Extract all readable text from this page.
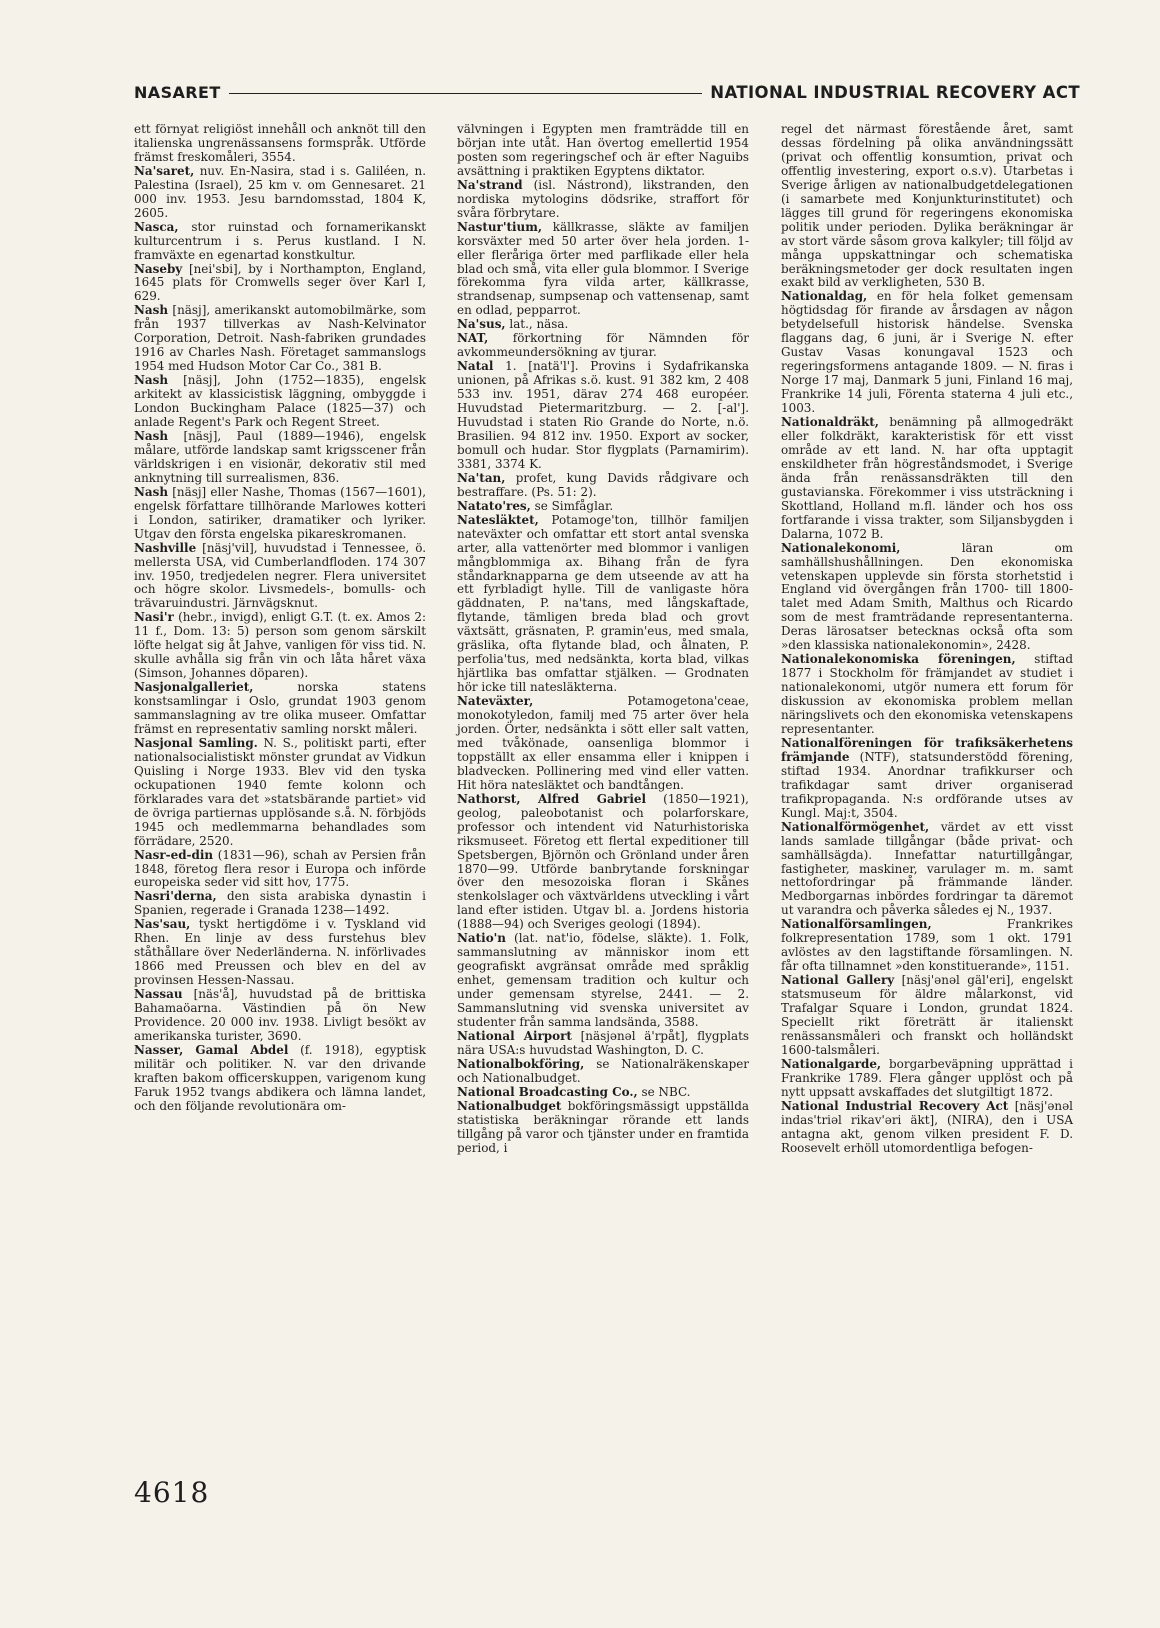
NASARET	NATIONAL INDUSTRIAL RECOVERY ACT

ett förnyat religiöst innehåll och anknöt till den italienska ungrenässansens formspråk. Utförde främst freskomåleri, 3554.

Na'saret, nuv. En-Nasira, stad i s. Galiléen, n. Palestina (Israel), 25 km v. om Gennesaret. 21 000 inv. 1953. Jesu barndomsstad, 1804 K, 2605.

Nasca, stor ruinstad och fornamerikanskt kulturcentrum i s. Perus kustland. I N. framväxte en egenartad konstkultur.

Naseby [nei'sbi], by i Northampton, England, 1645 plats för Cromwells seger över Karl I, 629.

Nash [näsj], amerikanskt automobilmärke, som från 1937 tillverkas av Nash-Kelvinator Corporation, Detroit. Nash-fabriken grundades 1916 av Charles Nash. Företaget sammanslogs 1954 med Hudson Motor Car Co., 381 B.

Nash [näsj], John (1752—1835), engelsk arkitekt av klassicistisk läggning, ombyggde i London Buckingham Palace (1825—37) och anlade Regent's Park och Regent Street.

Nash [näsj], Paul (1889—1946), engelsk målare, utförde landskap samt krigsscener från världskrigen i en visionär, dekorativ stil med anknytning till surrealismen, 836.

Nash [näsj] eller Nashe, Thomas (1567—1601), engelsk författare tillhörande Marlowes kotteri i London, satiriker, dramatiker och lyriker. Utgav den första engelska pikareskromanen.

Nashville [näsj'vil], huvudstad i Tennessee, ö. mellersta USA, vid Cumberlandfloden. 174 307 inv. 1950, tredjedelen negrer. Flera universitet och högre skolor. Livsmedels-, bomulls- och trävaruindustri. Järnvägsknut.

Nasi'r (hebr., invigd), enligt G.T. (t. ex. Amos 2: 11 f., Dom. 13: 5) person som genom särskilt löfte helgat sig åt Jahve, vanligen för viss tid. N. skulle avhålla sig från vin och låta håret växa (Simson, Johannes döparen).

Nasjonalgalleriet, norska statens konstsamlingar i Oslo, grundat 1903 genom sammanslagning av tre olika museer. Omfattar främst en representativ samling norskt måleri.

Nasjonal Samling. N. S., politiskt parti, efter nationalsocialistiskt mönster grundat av Vidkun Quisling i Norge 1933. Blev vid den tyska ockupationen 1940 femte kolonn och förklarades vara det »statsbärande partiet» vid de övriga partiernas upplösande s.å. N. förbjöds 1945 och medlemmarna behandlades som förrädare, 2520.

Nasr-ed-din (1831—96), schah av Persien från 1848, företog flera resor i Europa och införde europeiska seder vid sitt hov, 1775.

Nasri'derna, den sista arabiska dynastin i Spanien, regerade i Granada 1238—1492.

Nas'sau, tyskt hertigdöme i v. Tyskland vid Rhen. En linje av dess furstehus blev ståthållare över Nederländerna. N. införlivades 1866 med Preussen och blev en del av provinsen Hessen-Nassau.

Nassau [näs'å], huvudstad på de brittiska Bahamaöarna. Västindien på ön New Providence. 20 000 inv. 1938. Livligt besökt av amerikanska turister, 3690.

Nasser, Gamal Abdel (f. 1918), egyptisk militär och politiker. N. var den drivande kraften bakom officerskuppen, varigenom kung Faruk 1952 tvangs abdikera och lämna landet, och den följande revolutionära om-

välvningen i Egypten men framträdde till en början inte utåt. Han övertog emellertid 1954 posten som regeringschef och är efter Naguibs avsättning i praktiken Egyptens diktator.

Na'strand (isl. Nástrond), likstranden, den nordiska mytologins dödsrike, straffort för svåra förbrytare.

Nastur'tium, källkrasse, släkte av familjen korsväxter med 50 arter över hela jorden. 1- eller fleråriga örter med parflikade eller hela blad och små, vita eller gula blommor. I Sverige förekomma fyra vilda arter, källkrasse, strandsenap, sumpsenap och vattensenap, samt en odlad, pepparrot.

Na'sus, lat., näsa.

NAT, förkortning för Nämnden för avkommeundersökning av tjurar.

Natal 1. [natä'l']. Provins i Sydafrikanska unionen, på Afrikas s.ö. kust. 91 382 km, 2 408 533 inv. 1951, därav 274 468 européer. Huvudstad Pietermaritzburg. — 2. [-al']. Huvudstad i staten Rio Grande do Norte, n.ö. Brasilien. 94 812 inv. 1950. Export av socker, bomull och hudar. Stor flygplats (Parnamirim). 3381, 3374 K.

Na'tan, profet, kung Davids rådgivare och bestraffare. (Ps. 51: 2).

Natato'res, se Simfåglar.

Natesläktet, Potamoge'ton, tillhör familjen nateväxter och omfattar ett stort antal svenska arter, alla vattenörter med blommor i vanligen mångblommiga ax. Bihang från de fyra ståndarknapparna ge dem utseende av att ha ett fyrbladigt hylle. Till de vanligaste höra gäddnaten, P. na'tans, med långskaftade, flytande, tämligen breda blad och grovt växtsätt, gräsnaten, P. gramin'eus, med smala, gräslika, ofta flytande blad, och ålnaten, P. perfolia'tus, med nedsänkta, korta blad, vilkas hjärtlika bas omfattar stjälken. — Grodnaten hör icke till natesläkterna.

Nateväxter, Potamogetona'ceae, monokotyledon, familj med 75 arter över hela jorden. Örter, nedsänkta i sött eller salt vatten, med tvåkönade, oansenliga blommor i toppställt ax eller ensamma eller i knippen i bladvecken. Pollinering med vind eller vatten. Hit höra natesläktet och bandtången.

Nathorst, Alfred Gabriel (1850—1921), geolog, paleobotanist och polarforskare, professor och intendent vid Naturhistoriska riksmuseet. Företog ett flertal expeditioner till Spetsbergen, Björnön och Grönland under åren 1870—99. Utförde banbrytande forskningar över den mesozoiska floran i Skånes stenkolslager och växtvärldens utveckling i vårt land efter istiden. Utgav bl. a. Jordens historia (1888—94) och Sveriges geologi (1894).

Natio'n (lat. nat'io, födelse, släkte). 1. Folk, sammanslutning av människor inom ett geografiskt avgränsat område med språklig enhet, gemensam tradition och kultur och under gemensam styrelse, 2441. — 2. Sammanslutning vid svenska universitet av studenter från samma landsända, 3588.

National Airport [näsjənəl ä'rpåt], flygplats nära USA:s huvudstad Washington, D. C.

Nationalbokföring, se Nationalräkenskaper och Nationalbudget.

National Broadcasting Co., se NBC.

Nationalbudget bokföringsmässigt uppställda statistiska beräkningar rörande ett lands tillgång på varor och tjänster under en framtida period, i

regel det närmast förestående året, samt dessas fördelning på olika användningssätt (privat och offentlig konsumtion, privat och offentlig investering, export o.s.v). Utarbetas i Sverige årligen av nationalbudgetdelegationen (i samarbete med Konjunkturinstitutet) och lägges till grund för regeringens ekonomiska politik under perioden. Dylika beräkningar är av stort värde såsom grova kalkyler; till följd av många uppskattningar och schematiska beräkningsmetoder ger dock resultaten ingen exakt bild av verkligheten, 530 B.

Nationaldag, en för hela folket gemensam högtidsdag för firande av årsdagen av någon betydelsefull historisk händelse. Svenska flaggans dag, 6 juni, är i Sverige N. efter Gustav Vasas konungaval 1523 och regeringsformens antagande 1809. — N. firas i Norge 17 maj, Danmark 5 juni, Finland 16 maj, Frankrike 14 juli, Förenta staterna 4 juli etc., 1003.

Nationaldräkt, benämning på allmogedräkt eller folkdräkt, karakteristisk för ett visst område av ett land. N. har ofta upptagit enskildheter från högreståndsmodet, i Sverige ända från renässansdräkten till den gustavianska. Förekommer i viss utsträckning i Skottland, Holland m.fl. länder och hos oss fortfarande i vissa trakter, som Siljansbygden i Dalarna, 1072 B.

Nationalekonomi, läran om samhällshushållningen. Den ekonomiska vetenskapen upplevde sin första storhetstid i England vid övergången från 1700- till 1800-talet med Adam Smith, Malthus och Ricardo som de mest framträdande representanterna. Deras lärosatser betecknas också ofta som »den klassiska nationalekonomin», 2428.

Nationalekonomiska föreningen, stiftad 1877 i Stockholm för främjandet av studiet i nationalekonomi, utgör numera ett forum för diskussion av ekonomiska problem mellan näringslivets och den ekonomiska vetenskapens representanter.

Nationalföreningen för trafiksäkerhetens främjande (NTF), statsunderstödd förening, stiftad 1934. Anordnar trafikkurser och trafikdagar samt driver organiserad trafikpropaganda. N:s ordförande utses av Kungl. Maj:t, 3504.

Nationalförmögenhet, värdet av ett visst lands samlade tillgångar (både privat- och samhällsägda). Innefattar naturtillgångar, fastigheter, maskiner, varulager m. m. samt nettofordringar på främmande länder. Medborgarnas inbördes fordringar ta däremot ut varandra och påverka således ej N., 1937.

Nationalförsamlingen, Frankrikes folkrepresentation 1789, som 1 okt. 1791 avlöstes av den lagstiftande församlingen. N. får ofta tillnamnet »den konstituerande», 1151.

National Gallery [näsj'ənəl gäl'eri], engelskt statsmuseum för äldre målarkonst, vid Trafalgar Square i London, grundat 1824. Speciellt rikt företrätt är italienskt renässansmåleri och franskt och holländskt 1600-talsmåleri.

Nationalgarde, borgarbeväpning upprättad i Frankrike 1789. Flera gånger upplöst och på nytt uppsatt avskaffades det slutgiltigt 1872.

National Industrial Recovery Act [näsj'ənəl indas'triəl rikav'əri äkt], (NIRA), den i USA antagna akt, genom vilken president F. D. Roosevelt erhöll utomordentliga befogen-

4618
